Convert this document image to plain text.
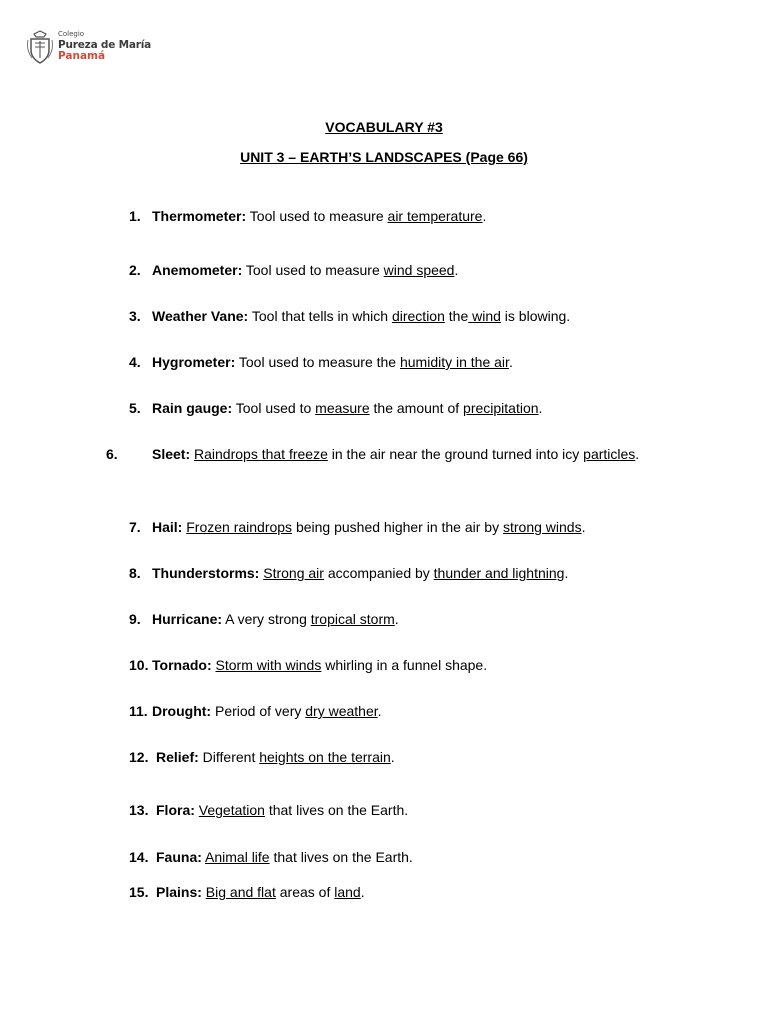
Colegio
Pureza de María
Panamá
VOCABULARY #3
UNIT 3 – EARTH’S LANDSCAPES (Page 66)
1. Thermometer: Tool used to measure air temperature.
2. Anemometer: Tool used to measure wind speed.
3. Weather Vane: Tool that tells in which direction the wind is blowing.
4. Hygrometer: Tool used to measure the humidity in the air.
5. Rain gauge: Tool used to measure the amount of precipitation.
6. Sleet: Raindrops that freeze in the air near the ground turned into icy particles.
7. Hail: Frozen raindrops being pushed higher in the air by strong winds.
8. Thunderstorms: Strong air accompanied by thunder and lightning.
9. Hurricane: A very strong tropical storm.
10. Tornado: Storm with winds whirling in a funnel shape.
11. Drought: Period of very dry weather.
12. Relief: Different heights on the terrain.
13. Flora: Vegetation that lives on the Earth.
14. Fauna: Animal life that lives on the Earth.
15. Plains: Big and flat areas of land.
